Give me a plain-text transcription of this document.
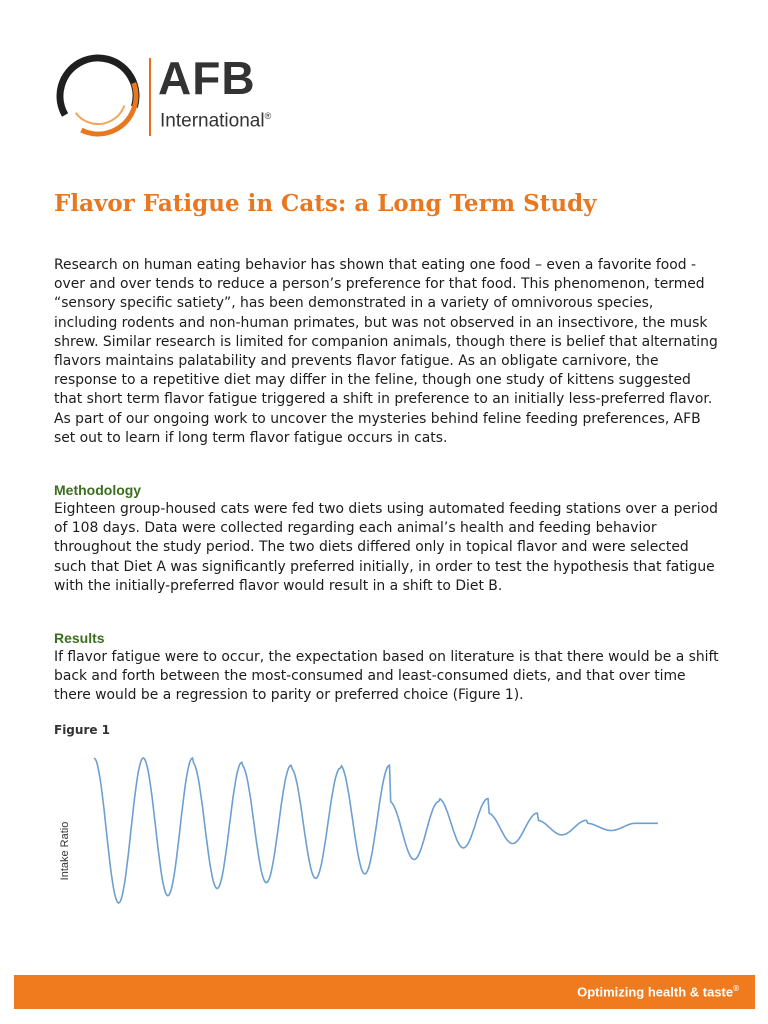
AFB
International®
Flavor Fatigue in Cats: a Long Term Study

Research on human eating behavior has shown that eating one food – even a favorite food - over and over tends to reduce a person’s preference for that food. This phenomenon, termed “sensory specific satiety”, has been demonstrated in a variety of omnivorous species, including rodents and non-human primates, but was not observed in an insectivore, the musk shrew. Similar research is limited for companion animals, though there is belief that alternating flavors maintains palatability and prevents flavor fatigue. As an obligate carnivore, the response to a repetitive diet may differ in the feline, though one study of kittens suggested that short term flavor fatigue triggered a shift in preference to an initially less-preferred flavor. As part of our ongoing work to uncover the mysteries behind feline feeding preferences, AFB set out to learn if long term flavor fatigue occurs in cats.

Methodology

Eighteen group-housed cats were fed two diets using automated feeding stations over a period of 108 days. Data were collected regarding each animal’s health and feeding behavior throughout the study period. The two diets differed only in topical flavor and were selected such that Diet A was significantly preferred initially, in order to test the hypothesis that fatigue with the initially-preferred flavor would result in a shift to Diet B.

Results

If flavor fatigue were to occur, the expectation based on literature is that there would be a shift back and forth between the most-consumed and least-consumed diets, and that over time there would be a regression to parity or preferred choice (Figure 1).

Figure 1
Intake Ratio
Optimizing health & taste®
